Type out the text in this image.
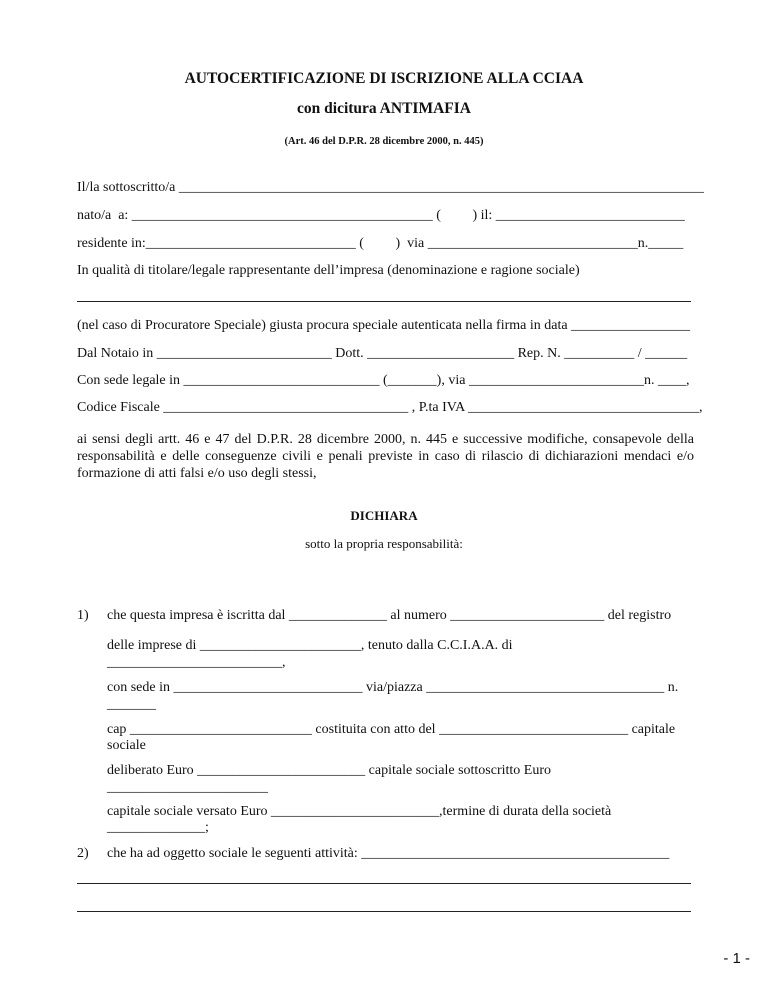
AUTOCERTIFICAZIONE DI ISCRIZIONE ALLA CCIAA
con dicitura ANTIMAFIA
(Art. 46 del D.P.R. 28 dicembre 2000, n. 445)
Il/la sottoscritto/a ___________________________________________________________________________
nato/a  a: ___________________________________________ (         ) il: ___________________________
residente in:______________________________ (         )  via ______________________________n._____
In qualità di titolare/legale rappresentante dell’impresa (denominazione e ragione sociale)
(nel caso di Procuratore Speciale) giusta procura speciale autenticata nella firma in data _________________
Dal Notaio in _________________________ Dott. _____________________ Rep. N. __________ / ______
Con sede legale in ____________________________ (_______), via _________________________n. ____,
Codice Fiscale ___________________________________ , P.ta IVA _________________________________,
ai sensi degli artt. 46 e 47 del D.P.R. 28 dicembre 2000, n. 445 e successive modifiche, consapevole della responsabilità e delle conseguenze civili e penali previste in caso di rilascio di dichiarazioni mendaci e/o formazione di atti falsi e/o uso degli stessi,
DICHIARA
sotto la propria responsabilità:
1) che questa impresa è iscritta dal ______________ al numero ______________________ del registro
delle imprese di _______________________, tenuto dalla C.C.I.A.A. di
_________________________,
con sede in ___________________________ via/piazza __________________________________ n.
_______
cap __________________________ costituita con atto del ___________________________ capitale
sociale
deliberato Euro ________________________ capitale sociale sottoscritto Euro
_______________________
capitale sociale versato Euro ________________________,termine di durata della società
______________;
2) che ha ad oggetto sociale le seguenti attività: ____________________________________________
- 1 -
